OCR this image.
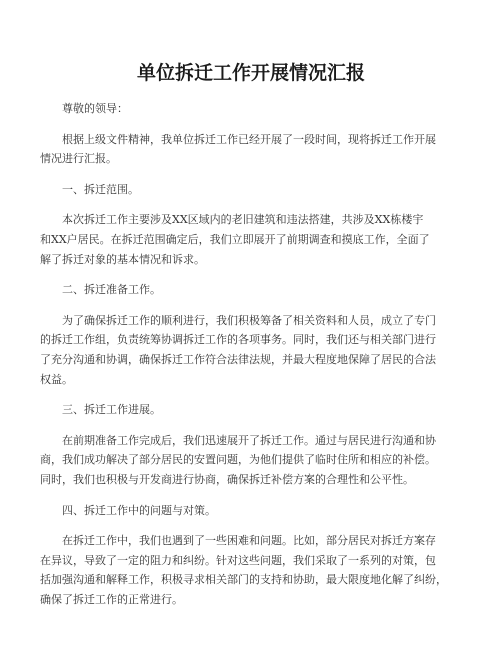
单位拆迁工作开展情况汇报
尊敬的领导：
根据上级文件精神，我单位拆迁工作已经开展了一段时间，现将拆迁工作开展
情况进行汇报。
一、拆迁范围。
本次拆迁工作主要涉及XX区域内的老旧建筑和违法搭建，共涉及XX栋楼宇
和XX户居民。在拆迁范围确定后，我们立即展开了前期调查和摸底工作，全面了
解了拆迁对象的基本情况和诉求。
二、拆迁准备工作。
为了确保拆迁工作的顺利进行，我们积极筹备了相关资料和人员，成立了专门
的拆迁工作组，负责统筹协调拆迁工作的各项事务。同时，我们还与相关部门进行
了充分沟通和协调，确保拆迁工作符合法律法规，并最大程度地保障了居民的合法
权益。
三、拆迁工作进展。
在前期准备工作完成后，我们迅速展开了拆迁工作。通过与居民进行沟通和协
商，我们成功解决了部分居民的安置问题，为他们提供了临时住所和相应的补偿。
同时，我们也积极与开发商进行协商，确保拆迁补偿方案的合理性和公平性。
四、拆迁工作中的问题与对策。
在拆迁工作中，我们也遇到了一些困难和问题。比如，部分居民对拆迁方案存
在异议，导致了一定的阻力和纠纷。针对这些问题，我们采取了一系列的对策，包
括加强沟通和解释工作，积极寻求相关部门的支持和协助，最大限度地化解了纠纷，
确保了拆迁工作的正常进行。
